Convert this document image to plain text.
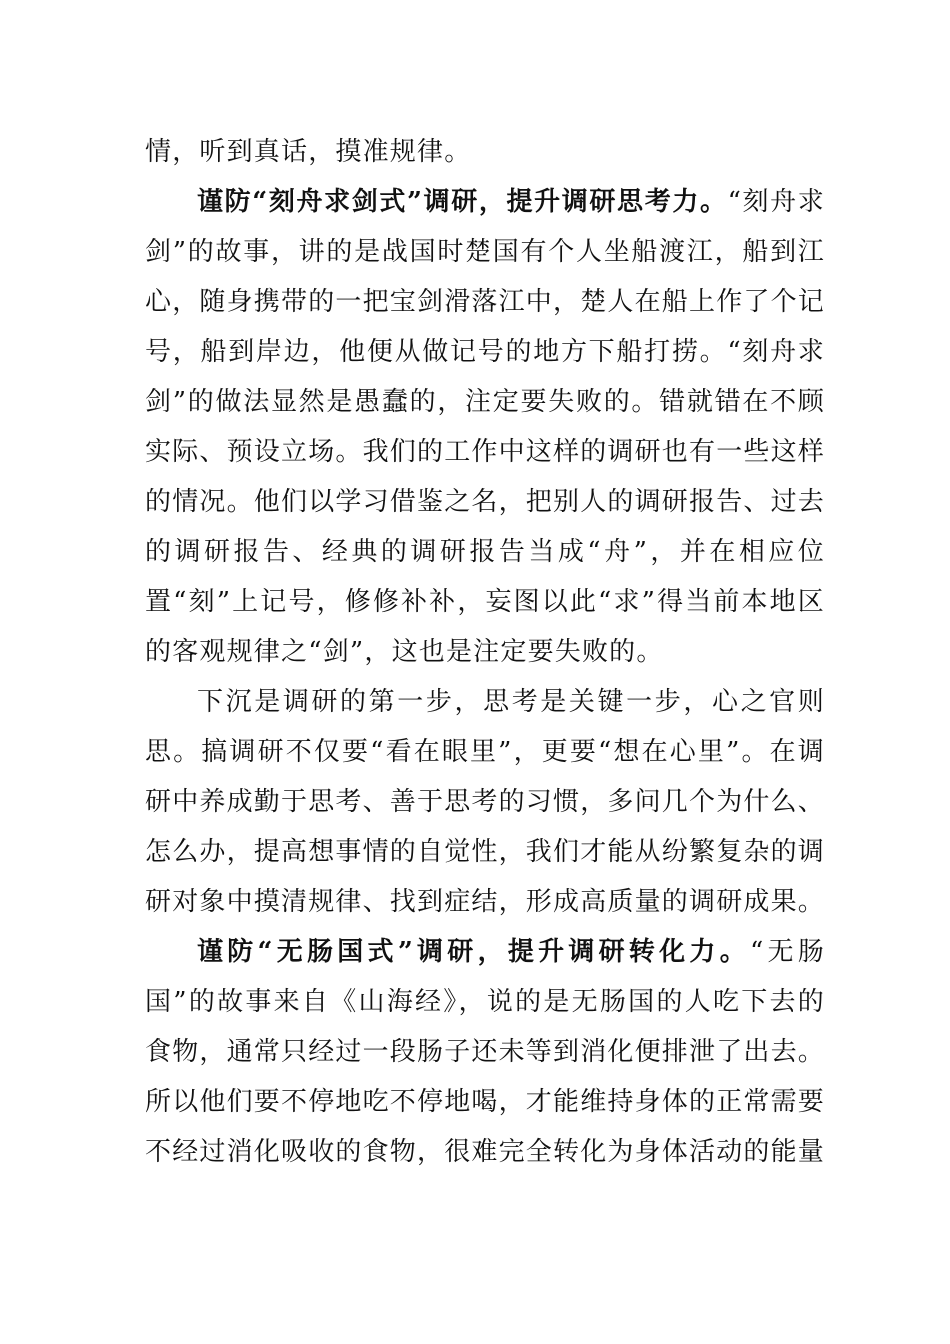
情，听到真话，摸准规律。

谨防“刻舟求剑式”调研，提升调研思考力。“刻舟求剑”的故事，讲的是战国时楚国有个人坐船渡江，船到江心，随身携带的一把宝剑滑落江中，楚人在船上作了个记号，船到岸边，他便从做记号的地方下船打捞。“刻舟求剑”的做法显然是愚蠢的，注定要失败的。错就错在不顾实际、预设立场。我们的工作中这样的调研也有一些这样的情况。他们以学习借鉴之名，把别人的调研报告、过去的调研报告、经典的调研报告当成“舟”，并在相应位置“刻”上记号，修修补补，妄图以此“求”得当前本地区的客观规律之“剑”，这也是注定要失败的。

下沉是调研的第一步，思考是关键一步，心之官则思。搞调研不仅要“看在眼里”，更要“想在心里”。在调研中养成勤于思考、善于思考的习惯，多问几个为什么、怎么办，提高想事情的自觉性，我们才能从纷繁复杂的调研对象中摸清规律、找到症结，形成高质量的调研成果。

谨防“无肠国式”调研，提升调研转化力。“无肠国”的故事来自《山海经》，说的是无肠国的人吃下去的食物，通常只经过一段肠子还未等到消化便排泄了出去。所以他们要不停地吃不停地喝，才能维持身体的正常需要不经过消化吸收的食物，很难完全转化为身体活动的能量
